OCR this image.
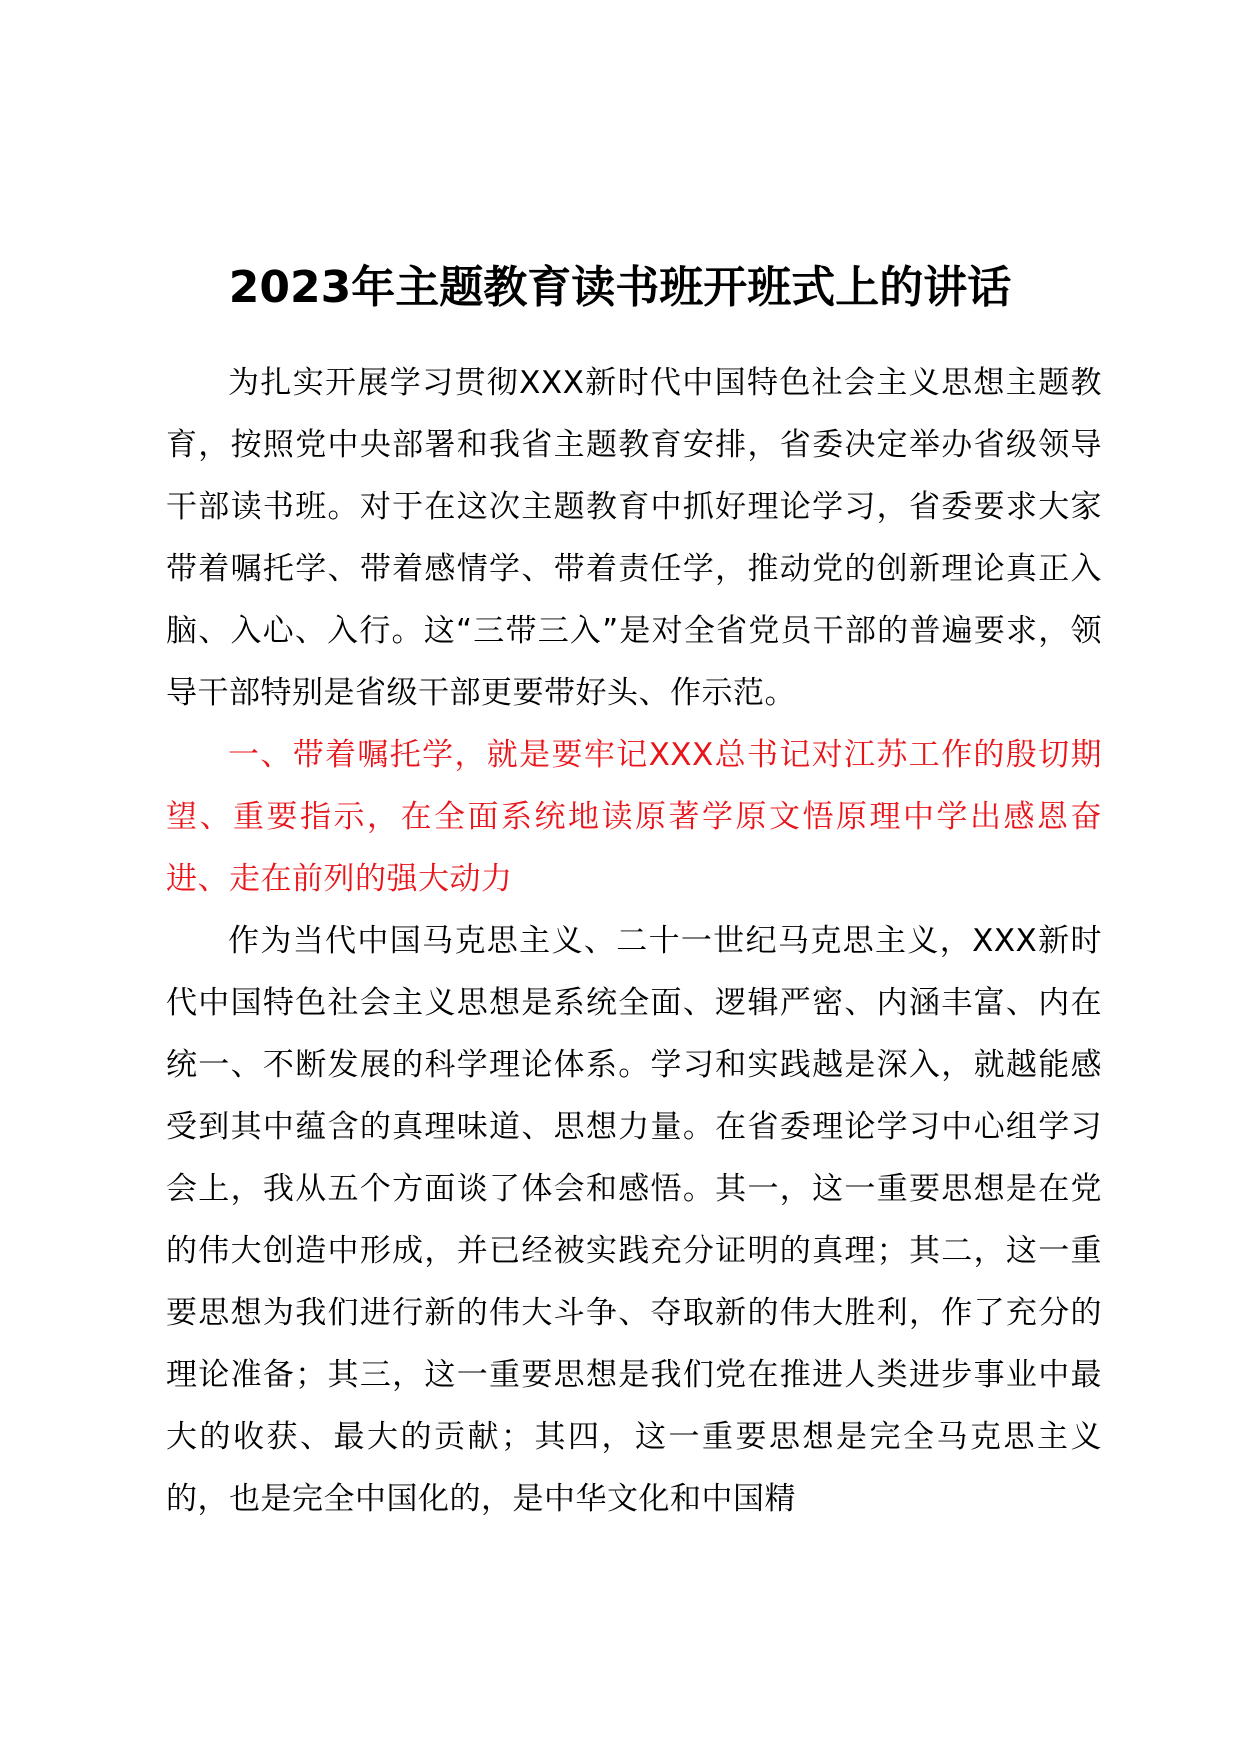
2023年主题教育读书班开班式上的讲话

为扎实开展学习贯彻XXX新时代中国特色社会主义思想主题教育，按照党中央部署和我省主题教育安排，省委决定举办省级领导干部读书班。对于在这次主题教育中抓好理论学习，省委要求大家带着嘱托学、带着感情学、带着责任学，推动党的创新理论真正入脑、入心、入行。这“三带三入”是对全省党员干部的普遍要求，领导干部特别是省级干部更要带好头、作示范。

一、带着嘱托学，就是要牢记XXX总书记对江苏工作的殷切期望、重要指示，在全面系统地读原著学原文悟原理中学出感恩奋进、走在前列的强大动力

作为当代中国马克思主义、二十一世纪马克思主义，XXX新时代中国特色社会主义思想是系统全面、逻辑严密、内涵丰富、内在统一、不断发展的科学理论体系。学习和实践越是深入，就越能感受到其中蕴含的真理味道、思想力量。在省委理论学习中心组学习会上，我从五个方面谈了体会和感悟。其一，这一重要思想是在党的伟大创造中形成，并已经被实践充分证明的真理；其二，这一重要思想为我们进行新的伟大斗争、夺取新的伟大胜利，作了充分的理论准备；其三，这一重要思想是我们党在推进人类进步事业中最大的收获、最大的贡献；其四，这一重要思想是完全马克思主义的，也是完全中国化的，是中华文化和中国精
